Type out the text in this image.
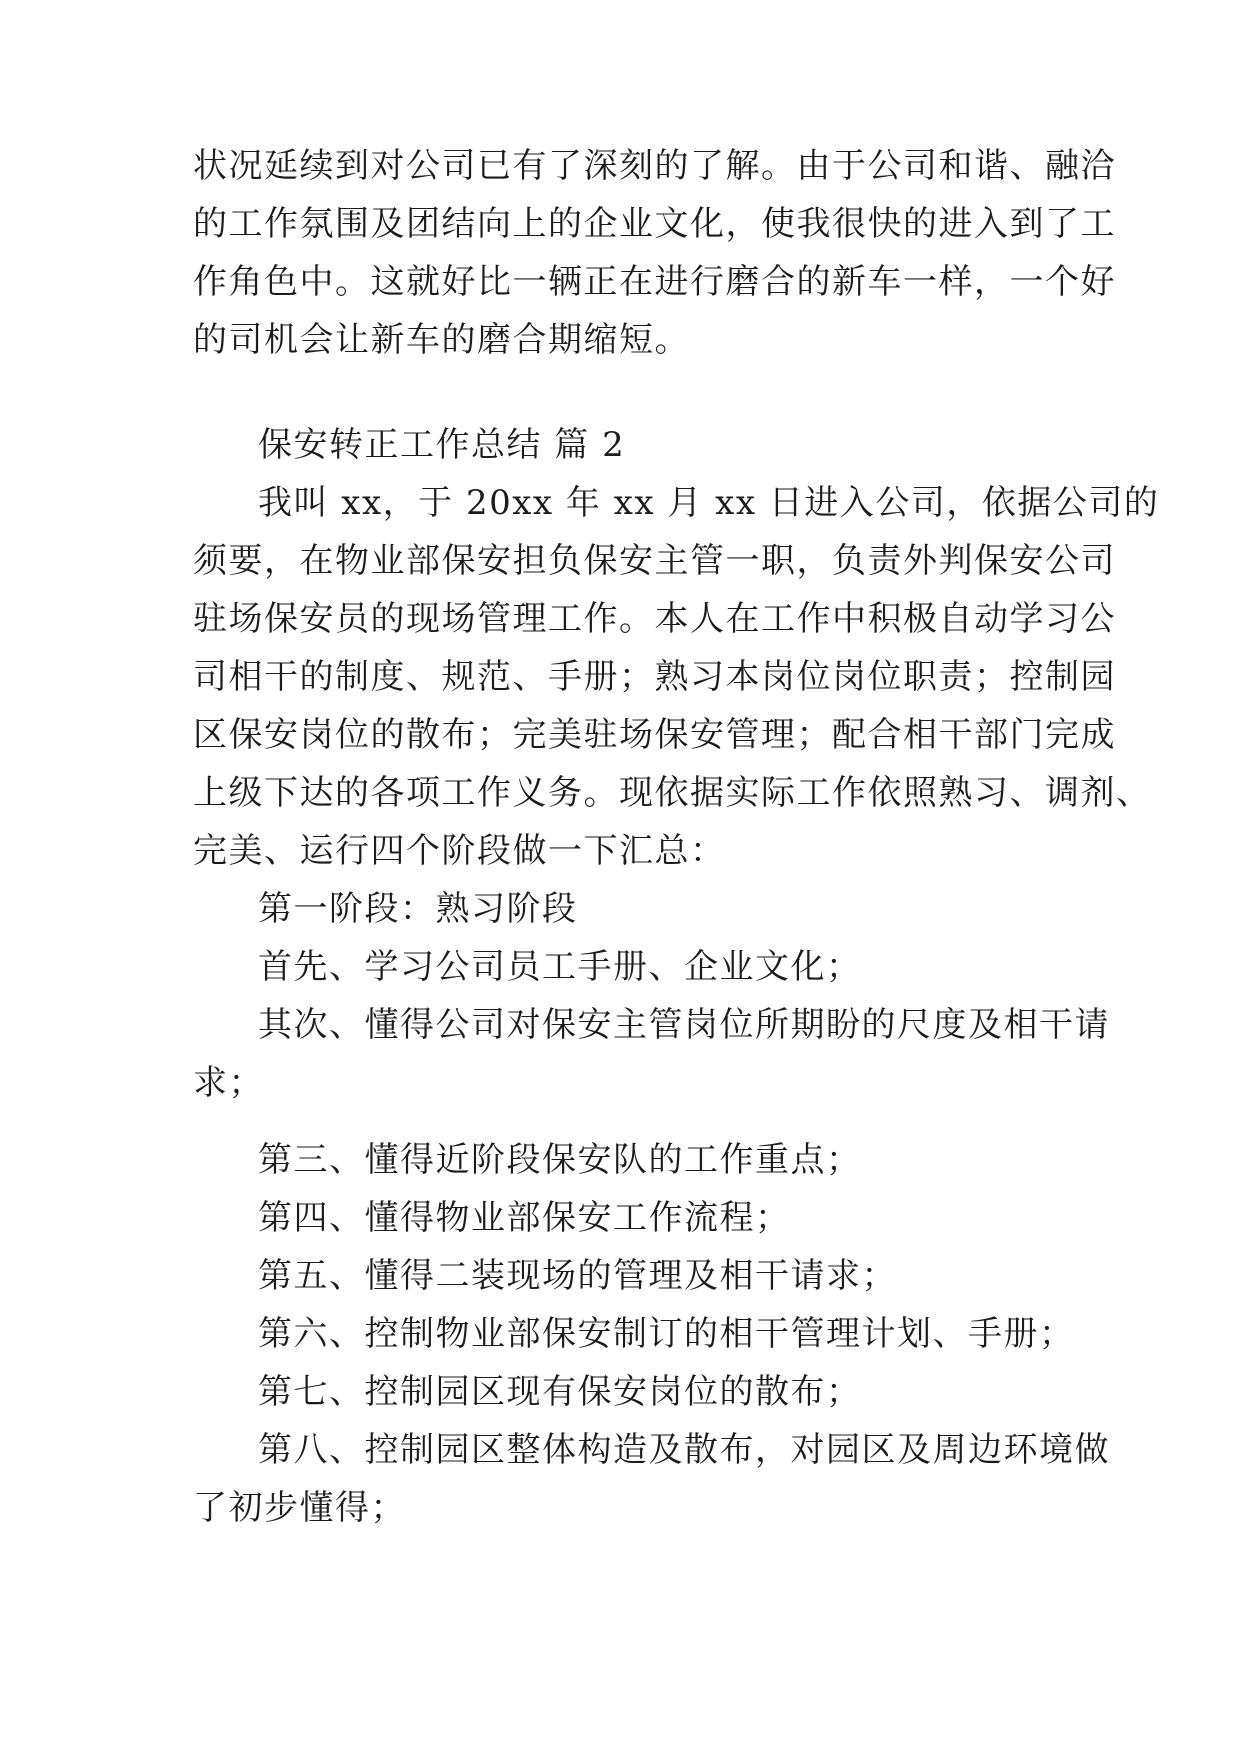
状况延续到对公司已有了深刻的了解。由于公司和谐、融洽
的工作氛围及团结向上的企业文化，使我很快的进入到了工
作角色中。这就好比一辆正在进行磨合的新车一样，一个好
的司机会让新车的磨合期缩短。
保安转正工作总结 篇 2
我叫 xx，于 20xx 年 xx 月 xx 日进入公司，依据公司的
须要，在物业部保安担负保安主管一职，负责外判保安公司
驻场保安员的现场管理工作。本人在工作中积极自动学习公
司相干的制度、规范、手册；熟习本岗位岗位职责；控制园
区保安岗位的散布；完美驻场保安管理；配合相干部门完成
上级下达的各项工作义务。现依据实际工作依照熟习、调剂、
完美、运行四个阶段做一下汇总：
第一阶段：熟习阶段
首先、学习公司员工手册、企业文化；
其次、懂得公司对保安主管岗位所期盼的尺度及相干请
求；
第三、懂得近阶段保安队的工作重点；
第四、懂得物业部保安工作流程；
第五、懂得二装现场的管理及相干请求；
第六、控制物业部保安制订的相干管理计划、手册；
第七、控制园区现有保安岗位的散布；
第八、控制园区整体构造及散布，对园区及周边环境做
了初步懂得；
